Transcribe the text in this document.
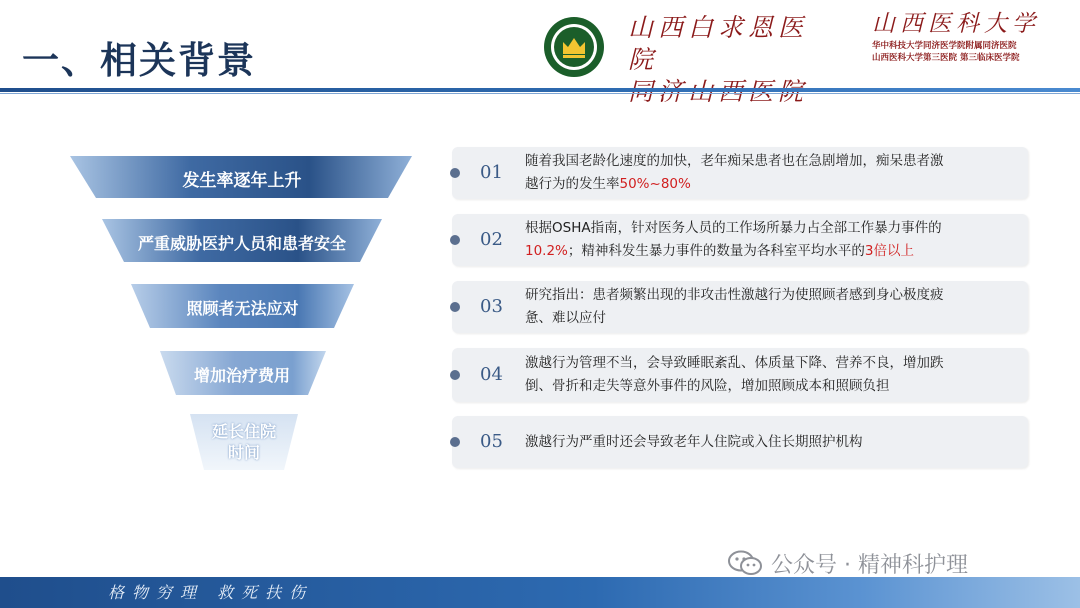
一、相关背景
山西白求恩医院
山西医科大学
华中科技大学同济医学院附属同济医院
山西医科大学第三医院 第三临床医学院
发生率逐年上升
严重威胁医护人员和患者安全
照顾者无法应对
增加治疗费用
延长住院
时间
01
随着我国老龄化速度的加快，老年痴呆患者也在急剧增加，痴呆患者激
越行为的发生率50%~80%
02
根据OSHA指南，针对医务人员的工作场所暴力占全部工作暴力事件的
10.2%；精神科发生暴力事件的数量为各科室平均水平的3倍以上
03
研究指出：患者频繁出现的非攻击性激越行为使照顾者感到身心极度疲
惫、难以应付
04
激越行为管理不当，会导致睡眠紊乱、体质量下降、营养不良，增加跌
倒、骨折和走失等意外事件的风险，增加照顾成本和照顾负担
05 激越行为严重时还会导致老年人住院或入住长期照护机构
公众号 · 精神科护理
格物穷理 救死扶伤
